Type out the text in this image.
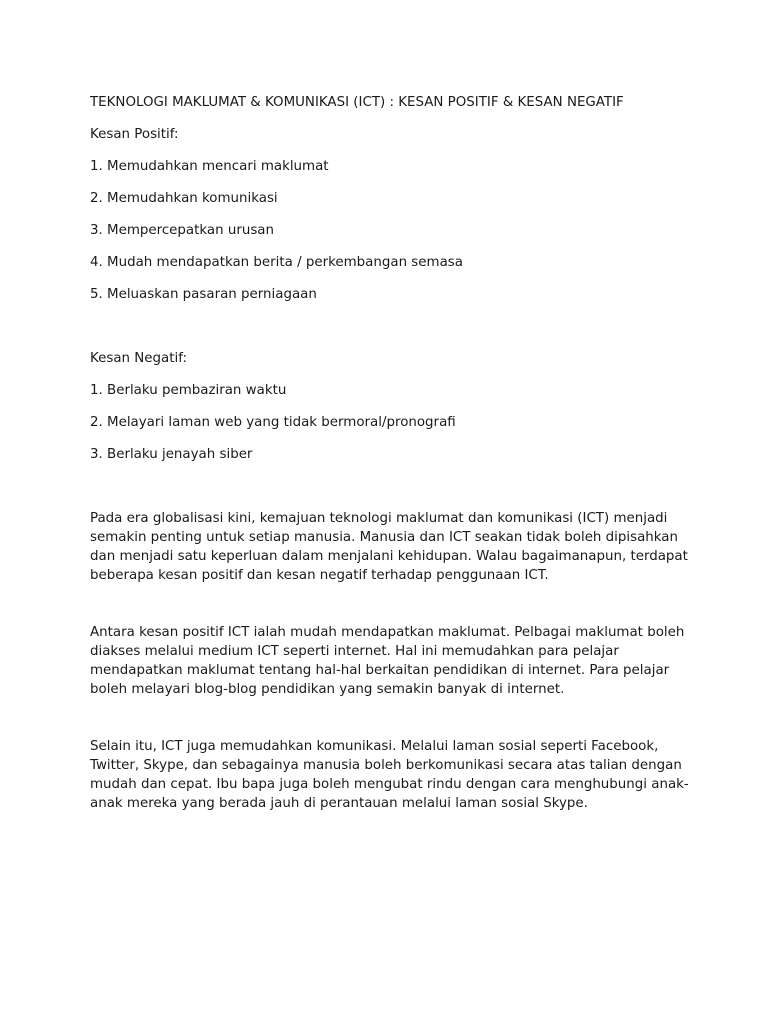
TEKNOLOGI MAKLUMAT & KOMUNIKASI (ICT) : KESAN POSITIF & KESAN NEGATIF

Kesan Positif:

1. Memudahkan mencari maklumat

2. Memudahkan komunikasi

3. Mempercepatkan urusan

4. Mudah mendapatkan berita / perkembangan semasa

5. Meluaskan pasaran perniagaan

Kesan Negatif:

1. Berlaku pembaziran waktu

2. Melayari laman web yang tidak bermoral/pronografi

3. Berlaku jenayah siber

Pada era globalisasi kini, kemajuan teknologi maklumat dan komunikasi (ICT) menjadi semakin penting untuk setiap manusia. Manusia dan ICT seakan tidak boleh dipisahkan dan menjadi satu keperluan dalam menjalani kehidupan. Walau bagaimanapun, terdapat beberapa kesan positif dan kesan negatif terhadap penggunaan ICT.

Antara kesan positif ICT ialah mudah mendapatkan maklumat. Pelbagai maklumat boleh diakses melalui medium ICT seperti internet. Hal ini memudahkan para pelajar mendapatkan maklumat tentang hal-hal berkaitan pendidikan di internet. Para pelajar boleh melayari blog-blog pendidikan yang semakin banyak di internet.

Selain itu, ICT juga memudahkan komunikasi. Melalui laman sosial seperti Facebook, Twitter, Skype, dan sebagainya manusia boleh berkomunikasi secara atas talian dengan mudah dan cepat. Ibu bapa juga boleh mengubat rindu dengan cara menghubungi anak-anak mereka yang berada jauh di perantauan melalui laman sosial Skype.
